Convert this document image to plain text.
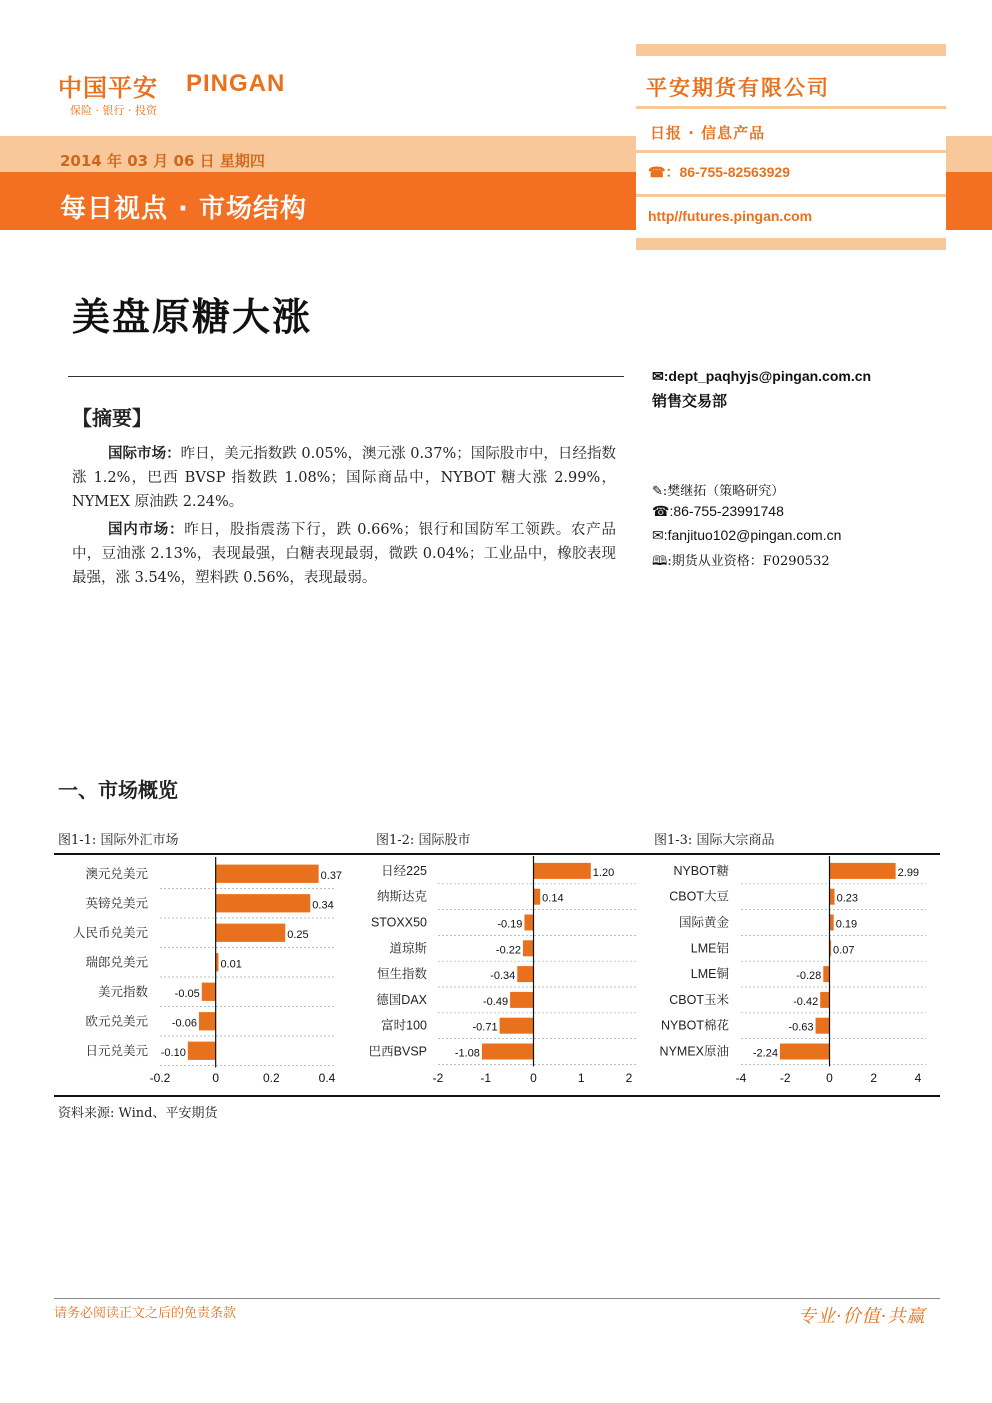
中国平安 PINGAN
保险 · 银行 · 投资
2014 年 03 月 06 日 星期四
每日视点 · 市场结构
平安期货有限公司
日报 · 信息产品
☎：86-755-82563929
http//futures.pingan.com
美盘原糖大涨
✉:dept_paqhyjs@pingan.com.cn
销售交易部
✎:樊继拓（策略研究）
☎:86-755-23991748
✉:fanjituo102@pingan.com.cn
🕮:期货从业资格：F0290532
【摘要】
国际市场：昨日，美元指数跌 0.05%，澳元涨 0.37%；国际股市中，日经指数涨 1.2%，巴西 BVSP 指数跌 1.08%；国际商品中，NYBOT 糖大涨 2.99%，NYMEX 原油跌 2.24%。
国内市场：昨日，股指震荡下行，跌 0.66%；银行和国防军工领跌。农产品中，豆油涨 2.13%，表现最强，白糖表现最弱，微跌 0.04%；工业品中，橡胶表现最强，涨 3.54%，塑料跌 0.56%，表现最弱。
一、市场概览
图1-1: 国际外汇市场	图1-2: 国际股市	图1-3: 国际大宗商品
澳元兑美元	0.37
英镑兑美元	0.34
人民币兑美元	0.25
瑞郎兑美元	0.01
美元指数 -0.05
欧元兑美元 -0.06
日元兑美元 -0.10
-0.2	0	0.2	0.4
日经225	1.20
纳斯达克	0.14
STOXX50	-0.19
道琼斯	-0.22
恒生指数	-0.34
德国DAX	-0.49
富时100	-0.71
巴西BVSP	-1.08
-2	-1	0	1	2
NYBOT糖	2.99
CBOT大豆	0.23
国际黄金	0.19
LME铝	0.07
LME铜	-0.28
CBOT玉米	-0.42
NYBOT棉花	-0.63
NYMEX原油 -2.24
-4	-2	0	2	4
资料来源: Wind、平安期货
请务必阅读正文之后的免责条款	专业·价值·共赢
